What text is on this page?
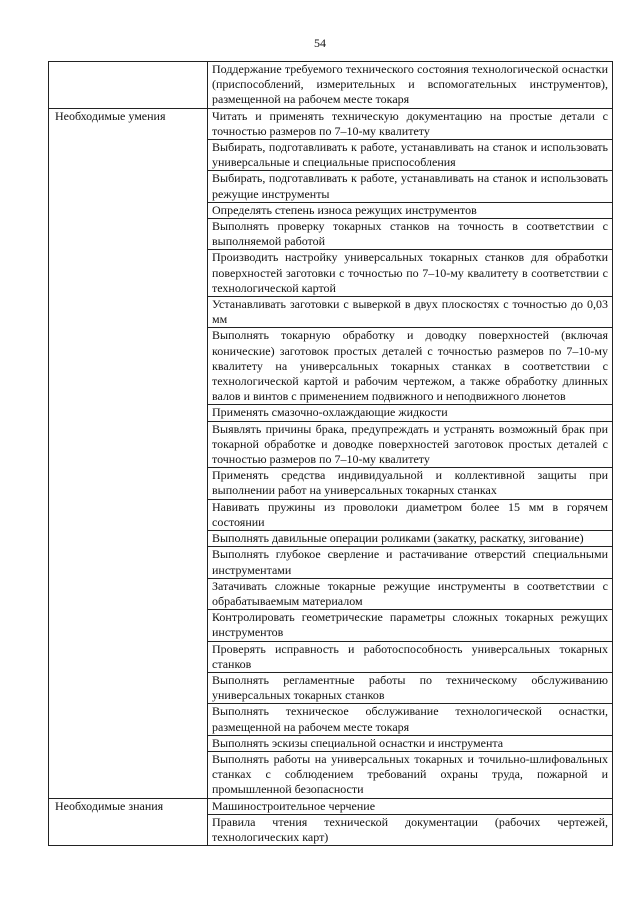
54
	Поддержание требуемого технического состояния технологической оснастки (приспособлений, измерительных и вспомогательных инструментов), размещенной на рабочем месте токаря
Необходимые умения	Читать и применять техническую документацию на простые детали с точностью размеров по 7–10-му квалитету
	Выбирать, подготавливать к работе, устанавливать на станок и использовать универсальные и специальные приспособления
	Выбирать, подготавливать к работе, устанавливать на станок и использовать режущие инструменты
	Определять степень износа режущих инструментов
	Выполнять проверку токарных станков на точность в соответствии с выполняемой работой
	Производить настройку универсальных токарных станков для обработки поверхностей заготовки с точностью по 7–10-му квалитету в соответствии с технологической картой
	Устанавливать заготовки с выверкой в двух плоскостях с точностью до 0,03 мм
	Выполнять токарную обработку и доводку поверхностей (включая конические) заготовок простых деталей с точностью размеров по 7–10-му квалитету на универсальных токарных станках в соответствии с технологической картой и рабочим чертежом, а также обработку длинных валов и винтов с применением подвижного и неподвижного люнетов
	Применять смазочно-охлаждающие жидкости
	Выявлять причины брака, предупреждать и устранять возможный брак при токарной обработке и доводке поверхностей заготовок простых деталей с точностью размеров по 7–10-му квалитету
	Применять средства индивидуальной и коллективной защиты при выполнении работ на универсальных токарных станках
	Навивать пружины из проволоки диаметром более 15 мм в горячем состоянии
	Выполнять давильные операции роликами (закатку, раскатку, зигование)
	Выполнять глубокое сверление и растачивание отверстий специальными инструментами
	Затачивать сложные токарные режущие инструменты в соответствии с обрабатываемым материалом
	Контролировать геометрические параметры сложных токарных режущих инструментов
	Проверять исправность и работоспособность универсальных токарных станков
	Выполнять регламентные работы по техническому обслуживанию универсальных токарных станков
	Выполнять техническое обслуживание технологической оснастки, размещенной на рабочем месте токаря
	Выполнять эскизы специальной оснастки и инструмента
	Выполнять работы на универсальных токарных и точильно-шлифовальных станках с соблюдением требований охраны труда, пожарной и промышленной безопасности
Необходимые знания	Машиностроительное черчение
	Правила чтения технической документации (рабочих чертежей, технологических карт)
